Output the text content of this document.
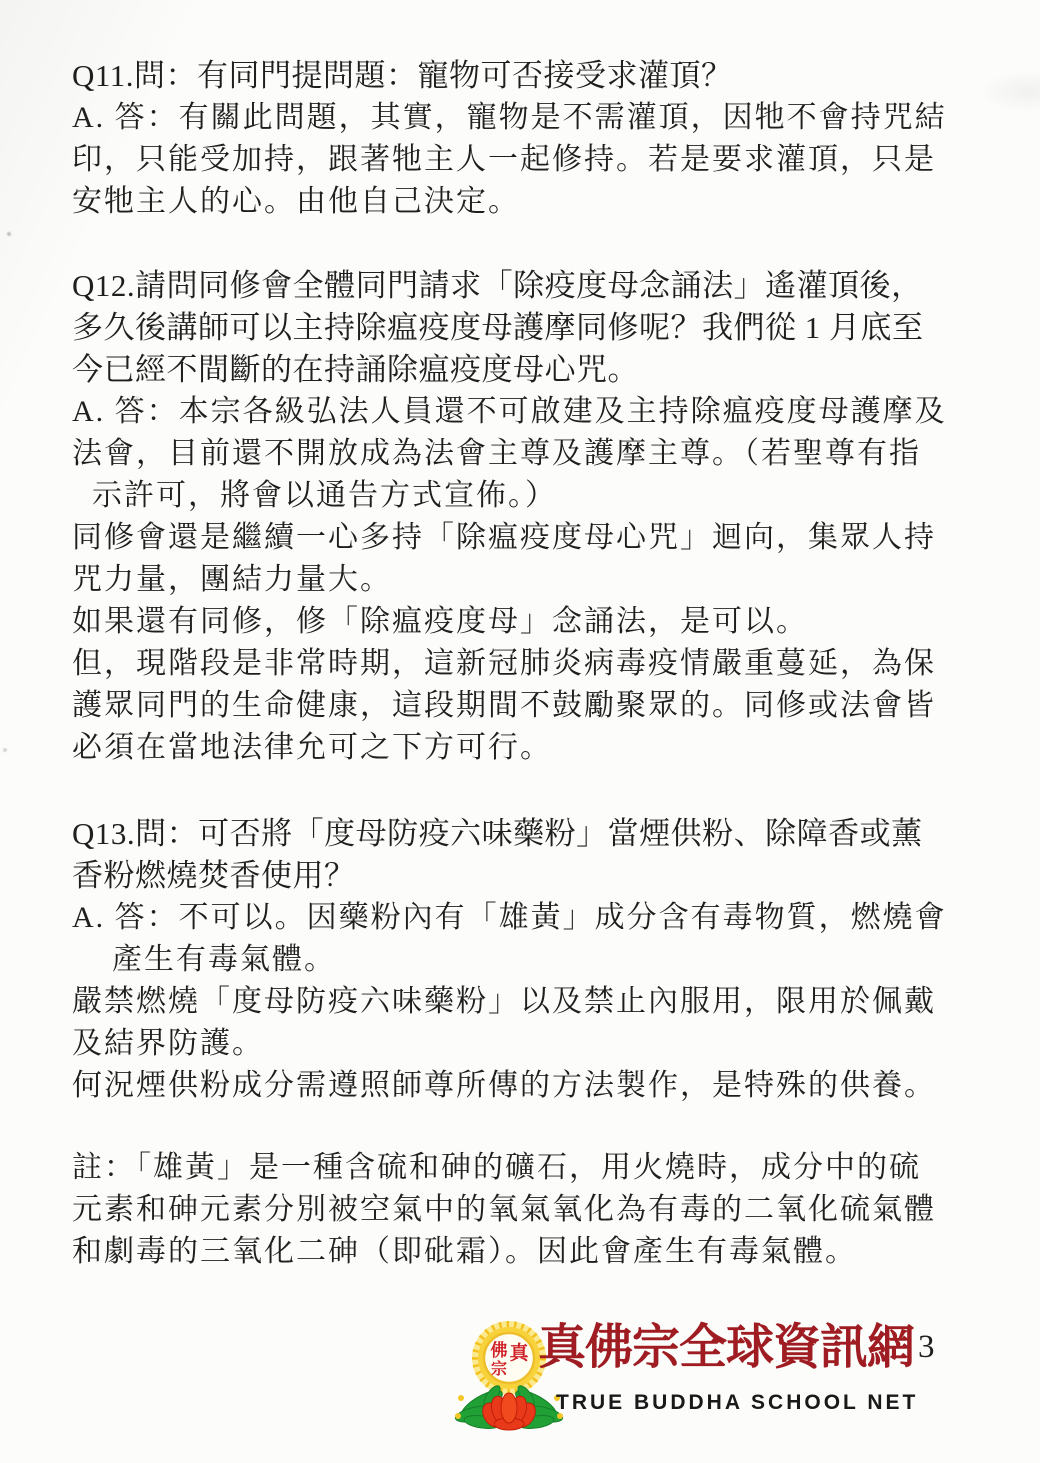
Q11.問：有同門提問題：寵物可否接受求灌頂？
A. 答：有關此問題，其實，寵物是不需灌頂，因牠不會持咒結
印，只能受加持，跟著牠主人一起修持。若是要求灌頂，只是
安牠主人的心。由他自己決定。
Q12.請問同修會全體同門請求「除疫度母念誦法」遙灌頂後，
多久後講師可以主持除瘟疫度母護摩同修呢？我們從 1 月底至
今已經不間斷的在持誦除瘟疫度母心咒。
A. 答：本宗各級弘法人員還不可啟建及主持除瘟疫度母護摩及
法會，目前還不開放成為法會主尊及護摩主尊。（若聖尊有指
示許可，將會以通告方式宣佈。）
同修會還是繼續一心多持「除瘟疫度母心咒」迴向，集眾人持
咒力量，團結力量大。
如果還有同修，修「除瘟疫度母」念誦法，是可以。
但，現階段是非常時期，這新冠肺炎病毒疫情嚴重蔓延，為保
護眾同門的生命健康，這段期間不鼓勵聚眾的。同修或法會皆
必須在當地法律允可之下方可行。
Q13.問：可否將「度母防疫六味藥粉」當煙供粉、除障香或薰
香粉燃燒焚香使用？
A. 答：不可以。因藥粉內有「雄黃」成分含有毒物質，燃燒會
產生有毒氣體。
嚴禁燃燒「度母防疫六味藥粉」以及禁止內服用，限用於佩戴
及結界防護。
何況煙供粉成分需遵照師尊所傳的方法製作，是特殊的供養。
註：「雄黃」是一種含硫和砷的礦石，用火燒時，成分中的硫
元素和砷元素分別被空氣中的氧氣氧化為有毒的二氧化硫氣體
和劇毒的三氧化二砷（即砒霜）。因此會產生有毒氣體。
佛 真
宗 真佛宗全球資訊網
TRUE BUDDHA SCHOOL NET
3
